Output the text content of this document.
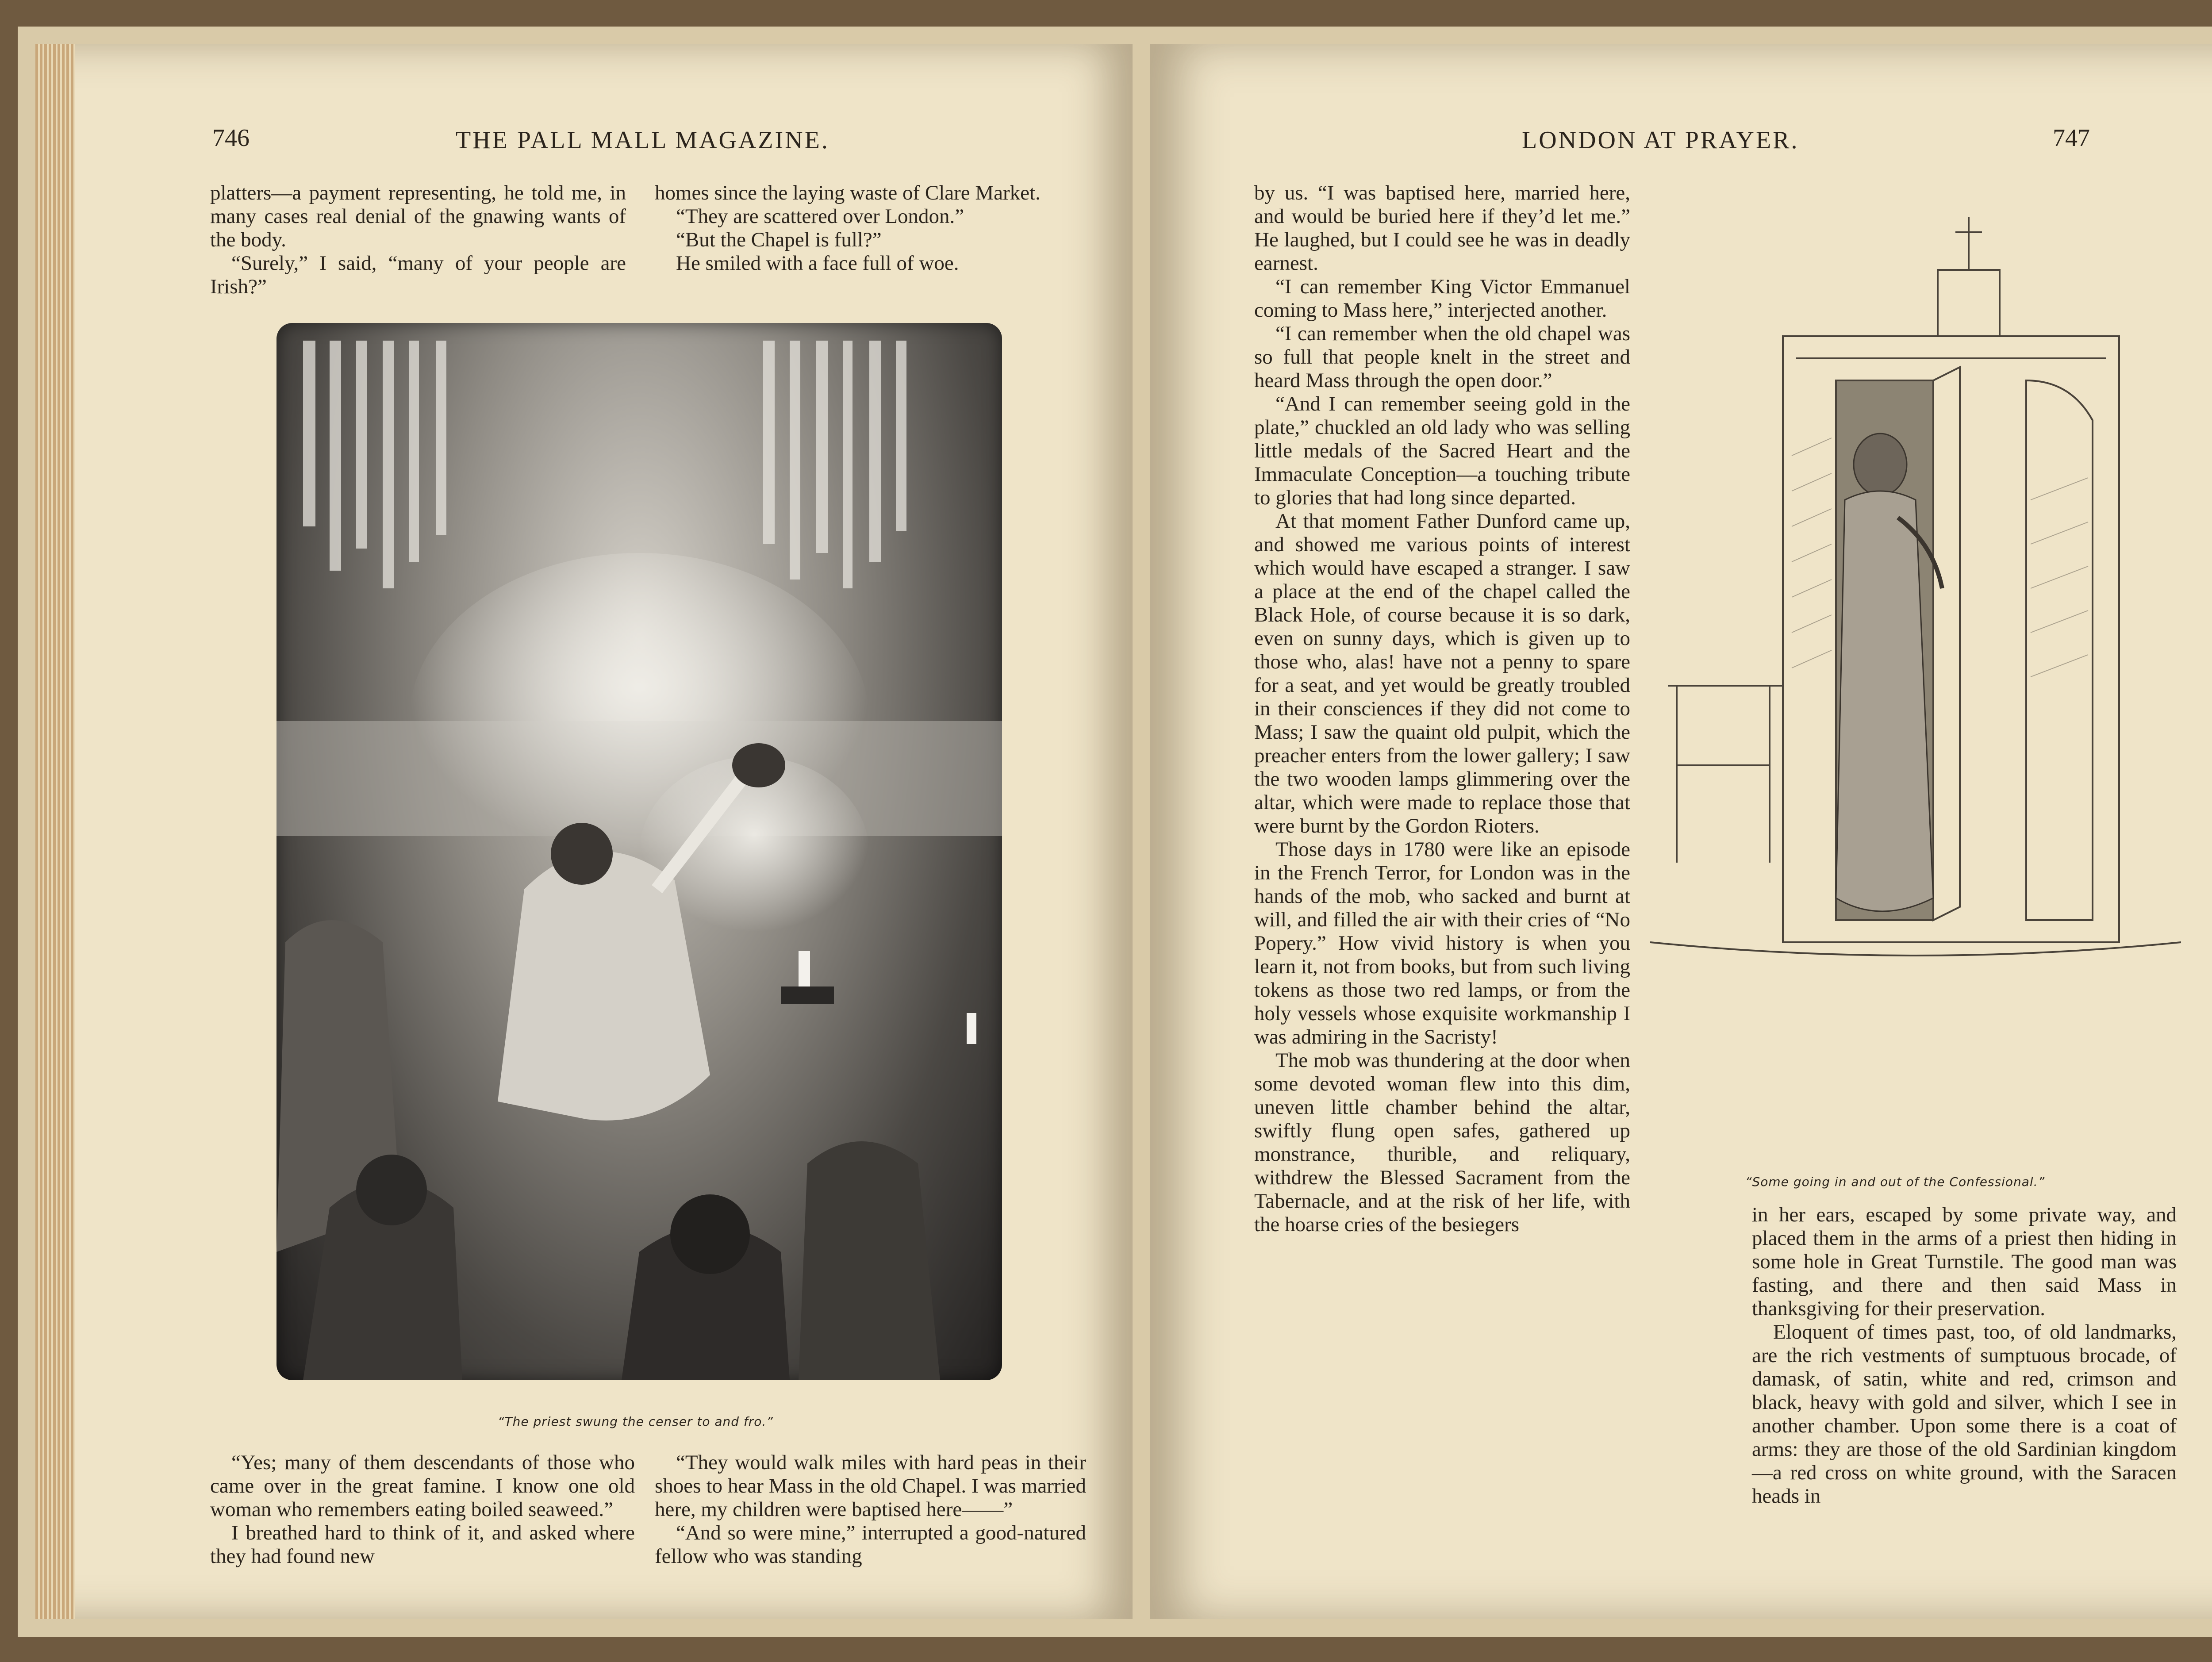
746	THE PALL MALL MAGAZINE.

platters—a payment representing, he told me, in many cases real denial of the gnawing wants of the body.

“Surely,” I said, “many of your people are Irish?”

homes since the laying waste of Clare Market.

“They are scattered over London.”

“But the Chapel is full?”

He smiled with a face full of woe.

“The priest swung the censer to and fro.”

“Yes; many of them descendants of those who came over in the great famine. I know one old woman who remembers eating boiled seaweed.”

I breathed hard to think of it, and asked where they had found new

“They would walk miles with hard peas in their shoes to hear Mass in the old Chapel. I was married here, my children were baptised here——”

“And so were mine,” interrupted a good-natured fellow who was standing

LONDON AT PRAYER.	747

by us. “I was baptised here, married here, and would be buried here if they’d let me.” He laughed, but I could see he was in deadly earnest.

“I can remember King Victor Emmanuel coming to Mass here,” interjected another.

“I can remember when the old chapel was so full that people knelt in the street and heard Mass through the open door.”

“And I can remember seeing gold in the plate,” chuckled an old lady who was selling little medals of the Sacred Heart and the Immaculate Conception—a touching tribute to glories that had long since departed.

At that moment Father Dunford came up, and showed me various points of interest which would have escaped a stranger. I saw a place at the end of the chapel called the Black Hole, of course because it is so dark, even on sunny days, which is given up to those who, alas! have not a penny to spare for a seat, and yet would be greatly troubled in their consciences if they did not come to Mass; I saw the quaint old pulpit, which the preacher enters from the lower gallery; I saw the two wooden lamps glimmering over the altar, which were made to replace those that were burnt by the Gordon Rioters.

Those days in 1780 were like an episode in the French Terror, for London was in the hands of the mob, who sacked and burnt at will, and filled the air with their cries of “No Popery.” How vivid history is when you learn it, not from books, but from such living tokens as those two red lamps, or from the holy vessels whose exquisite workmanship I was admiring in the Sacristy!

The mob was thundering at the door when some devoted woman flew into this dim, uneven little chamber behind the altar, swiftly flung open safes, gathered up monstrance, thurible, and reliquary, withdrew the Blessed Sacrament from the Tabernacle, and at the risk of her life, with the hoarse cries of the besiegers

“Some going in and out of the Confessional.”

in her ears, escaped by some private way, and placed them in the arms of a priest then hiding in some hole in Great Turnstile. The good man was fasting, and there and then said Mass in thanksgiving for their preservation.

Eloquent of times past, too, of old landmarks, are the rich vestments of sumptuous brocade, of damask, of satin, white and red, crimson and black, heavy with gold and silver, which I see in another chamber. Upon some there is a coat of arms: they are those of the old Sardinian kingdom—a red cross on white ground, with the Saracen heads in
